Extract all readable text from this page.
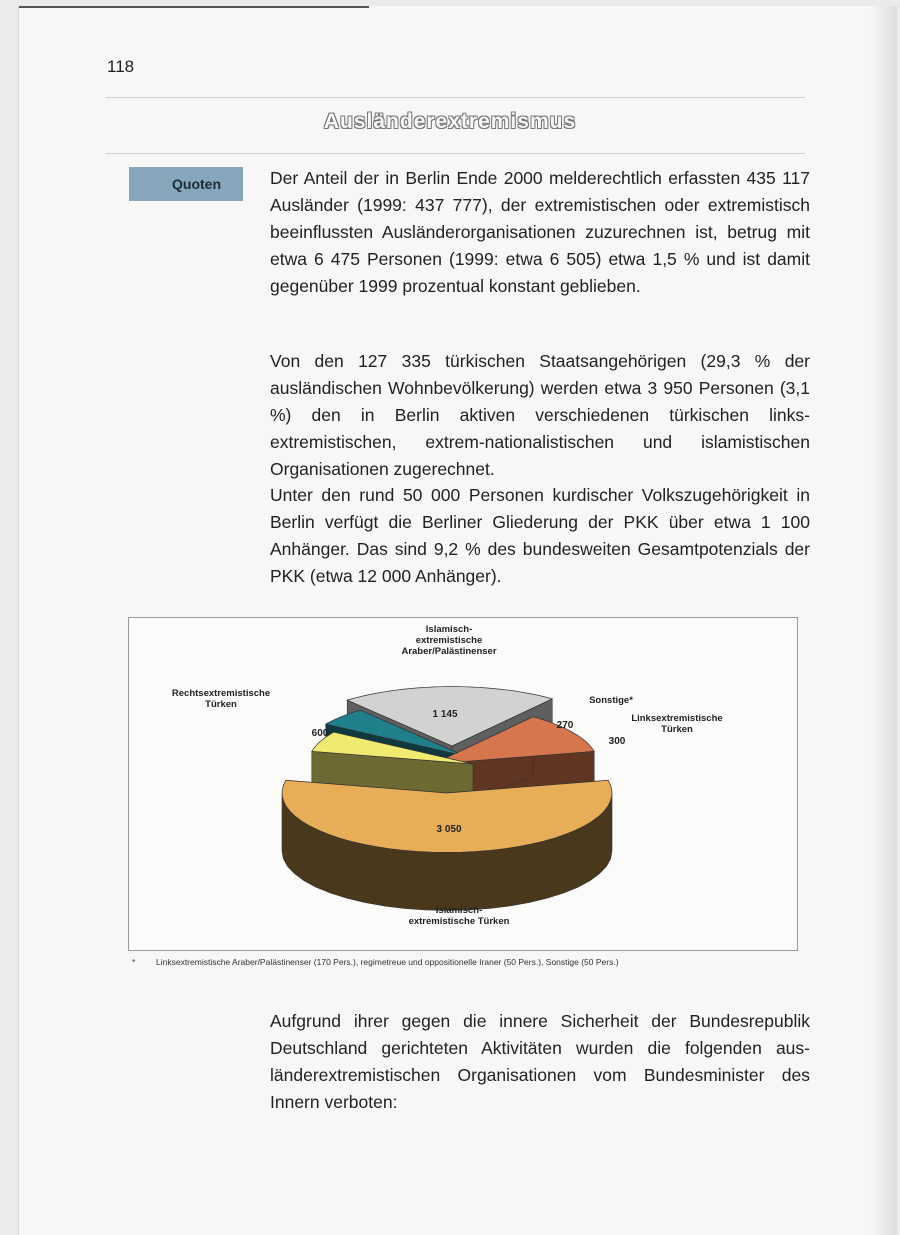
118
Ausländerextremismus
Quoten	Der Anteil der in Berlin Ende 2000 melderechtlich erfassten 435 117 Ausländer (1999: 437 777), der extremistischen oder extremistisch beeinflussten Ausländerorganisationen zuzurechnen ist, betrug mit etwa 6 475 Personen (1999: etwa 6 505) etwa 1,5 % und ist damit gegenüber 1999 prozentual konstant geblieben.

Von den 127 335 türkischen Staatsangehörigen (29,3 % der ausländischen Wohnbevölkerung) werden etwa 3 950 Personen (3,1 %) den in Berlin aktiven verschiedenen türkischen linksextremistischen, extrem-nationalistischen und islamistischen Organisationen zugerechnet.

Unter den rund 50 000 Personen kurdischer Volkszugehörigkeit in Berlin verfügt die Berliner Gliederung der PKK über etwa 1 100 Anhänger. Das sind 9,2 % des bundesweiten Gesamtpotenzials der PKK (etwa 12 000 Anhänger).

3 050
Islamisch-extremistische Türken
600
Rechtsextremistische Türken
1 145
Islamisch-extremistische Araber/Palästinenser
270
Sonstige*
300
Linksextremistische Türken
* Linksextremistische Araber/Palästinenser (170 Pers.), regimetreue und oppositionelle Iraner (50 Pers.), Sonstige (50 Pers.)

Aufgrund ihrer gegen die innere Sicherheit der Bundesrepublik Deutschland gerichteten Aktivitäten wurden die folgenden ausländerextremistischen Organisationen vom Bundesminister des Innern verboten:
